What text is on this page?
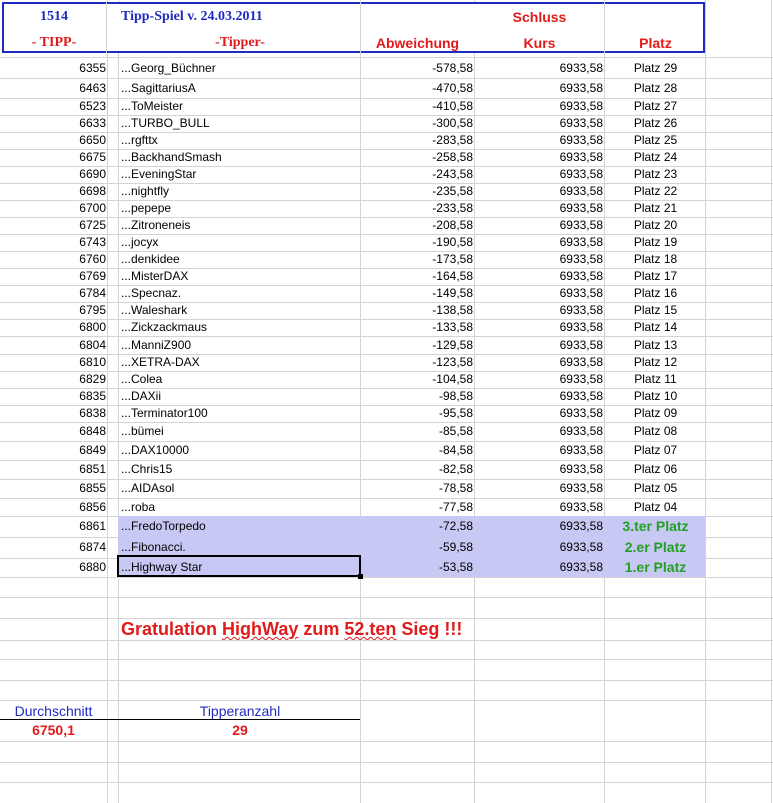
1514	Tipp-Spiel v. 24.03.2011	Schluss
- TIPP-	-Tipper-	Abweichung	Kurs	Platz
6355 ...Georg_Büchner	-578,58	6933,58	Platz 29
6463 ...SagittariusA	-470,58	6933,58	Platz 28
6523 ...ToMeister	-410,58	6933,58	Platz 27
6633 ...TURBO_BULL	-300,58	6933,58	Platz 26
6650 ...rgfttx	-283,58	6933,58	Platz 25
6675 ...BackhandSmash	-258,58	6933,58	Platz 24
6690 ...EveningStar	-243,58	6933,58	Platz 23
6698 ...nightfly	-235,58	6933,58	Platz 22
6700 ...pepepe	-233,58	6933,58	Platz 21
6725 ...Zitroneneis	-208,58	6933,58	Platz 20
6743 ...jocyx	-190,58	6933,58	Platz 19
6760 ...denkidee	-173,58	6933,58	Platz 18
6769 ...MisterDAX	-164,58	6933,58	Platz 17
6784 ...Specnaz.	-149,58	6933,58	Platz 16
6795 ...Waleshark	-138,58	6933,58	Platz 15
6800 ...Zickzackmaus	-133,58	6933,58	Platz 14
6804 ...ManniZ900	-129,58	6933,58	Platz 13
6810 ...XETRA-DAX	-123,58	6933,58	Platz 12
6829 ...Colea	-104,58	6933,58	Platz 11
6835 ...DAXii	-98,58	6933,58	Platz 10
6838 ...Terminator100	-95,58	6933,58	Platz 09
6848 ...bümei	-85,58	6933,58	Platz 08
6849 ...DAX10000	-84,58	6933,58	Platz 07
6851 ...Chris15	-82,58	6933,58	Platz 06
6855 ...AIDAsol	-78,58	6933,58	Platz 05
6856 ...roba	-77,58	6933,58	Platz 04
6861 ...FredoTorpedo	-72,58	6933,58	3.ter Platz
6874 ...Fibonacci.	-59,58	6933,58	2.er Platz
6880 ...Highway Star	-53,58	6933,58	1.er Platz
Gratulation HighWay zum 52.ten Sieg !!!
Durchschnitt	Tipperanzahl
6750,1	29
